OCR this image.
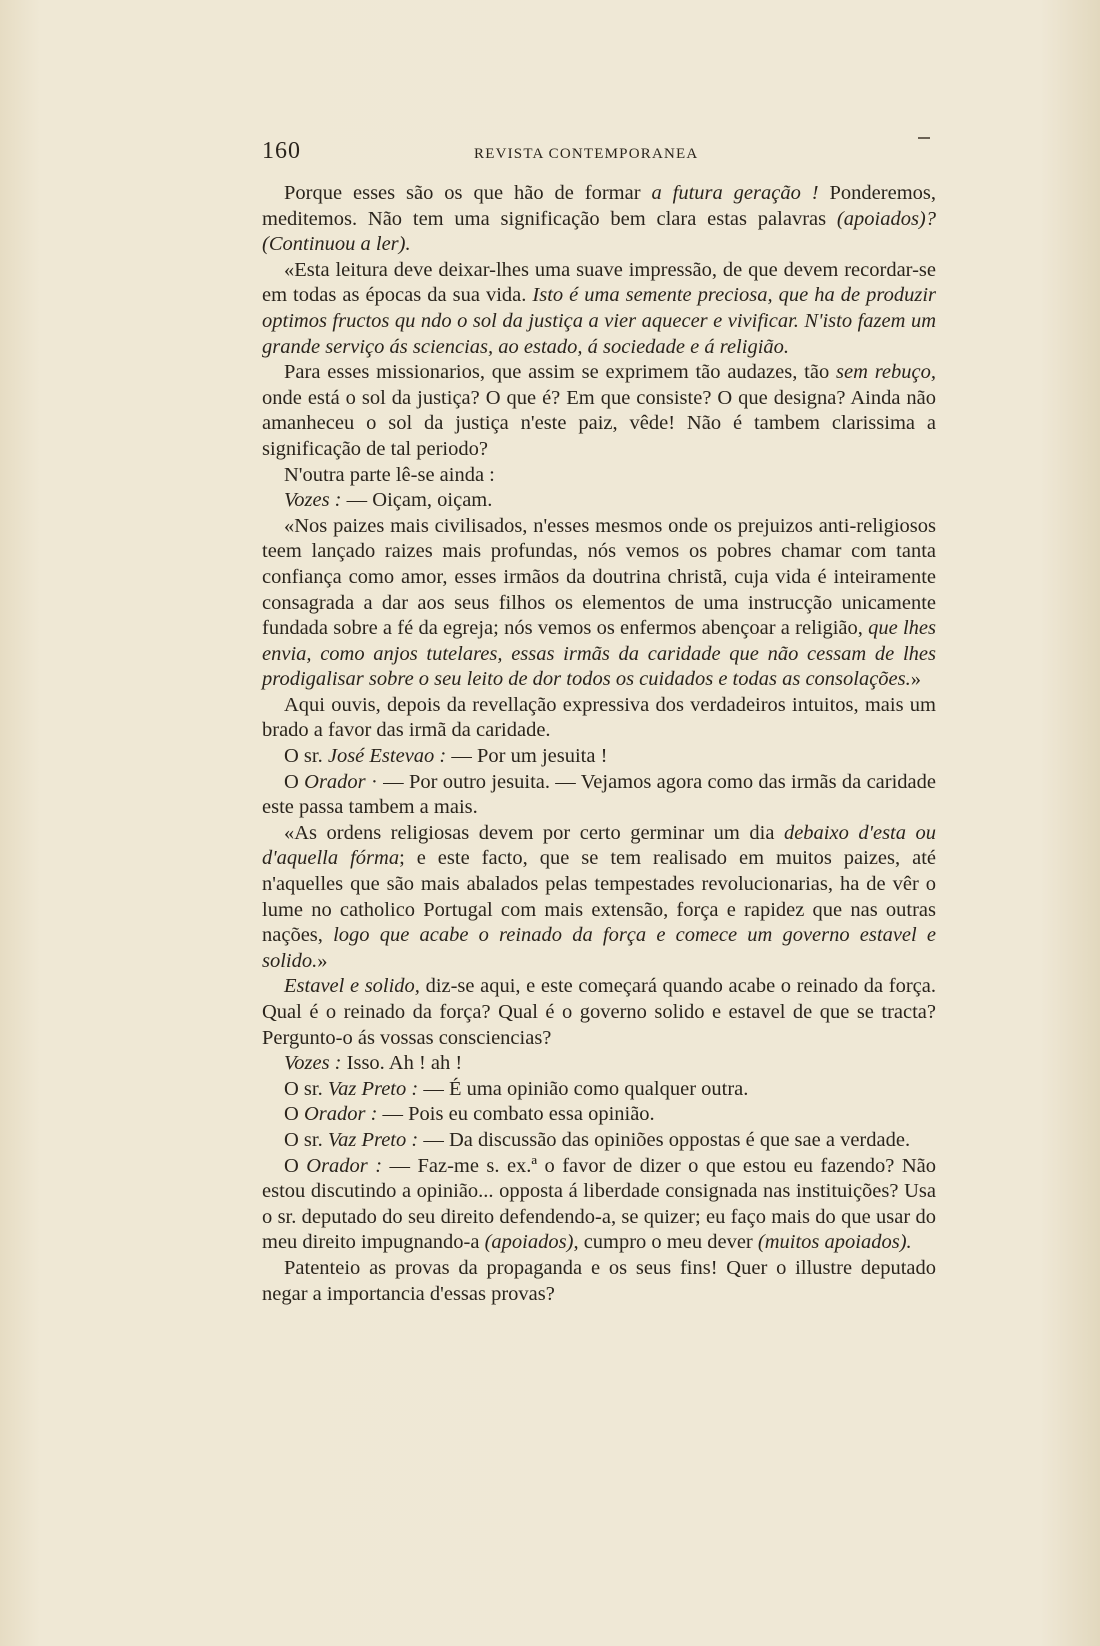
160	REVISTA CONTEMPORANEA

Porque esses são os que hão de formar a futura geração ! Ponderemos, meditemos. Não tem uma significação bem clara estas palavras (apoiados)? (Continuou a ler).

«Esta leitura deve deixar-lhes uma suave impressão, de que devem recordar-se em todas as épocas da sua vida. Isto é uma semente preciosa, que ha de produzir optimos fructos qu ndo o sol da justiça a vier aquecer e vivificar. N'isto fazem um grande serviço ás sciencias, ao estado, á sociedade e á religião.

Para esses missionarios, que assim se exprimem tão audazes, tão sem rebuço, onde está o sol da justiça? O que é? Em que consiste? O que designa? Ainda não amanheceu o sol da justiça n'este paiz, vêde! Não é tambem clarissima a significação de tal periodo?

N'outra parte lê-se ainda :

Vozes : — Oiçam, oiçam.

«Nos paizes mais civilisados, n'esses mesmos onde os prejuizos anti-religiosos teem lançado raizes mais profundas, nós vemos os pobres chamar com tanta confiança como amor, esses irmãos da doutrina christã, cuja vida é inteiramente consagrada a dar aos seus filhos os elementos de uma instrucção unicamente fundada sobre a fé da egreja; nós vemos os enfermos abençoar a religião, que lhes envia, como anjos tutelares, essas irmãs da caridade que não cessam de lhes prodigalisar sobre o seu leito de dor todos os cuidados e todas as consolações.»

Aqui ouvis, depois da revellação expressiva dos verdadeiros intuitos, mais um brado a favor das irmã da caridade.

O sr. José Estevao : — Por um jesuita !

O Orador · — Por outro jesuita. — Vejamos agora como das irmãs da caridade este passa tambem a mais.

«As ordens religiosas devem por certo germinar um dia debaixo d'esta ou d'aquella fórma; e este facto, que se tem realisado em muitos paizes, até n'aquelles que são mais abalados pelas tempestades revolucionarias, ha de vêr o lume no catholico Portugal com mais extensão, força e rapidez que nas outras nações, logo que acabe o reinado da força e comece um governo estavel e solido.»

Estavel e solido, diz-se aqui, e este começará quando acabe o reinado da força. Qual é o reinado da força? Qual é o governo solido e estavel de que se tracta? Pergunto-o ás vossas consciencias?

Vozes : Isso. Ah ! ah !

O sr. Vaz Preto : — É uma opinião como qualquer outra.

O Orador : — Pois eu combato essa opinião.

O sr. Vaz Preto : — Da discussão das opiniões oppostas é que sae a verdade.

O Orador : — Faz-me s. ex.ª o favor de dizer o que estou eu fazendo? Não estou discutindo a opinião... opposta á liberdade consignada nas instituições? Usa o sr. deputado do seu direito defendendo-a, se quizer; eu faço mais do que usar do meu direito impugnando-a (apoiados), cumpro o meu dever (muitos apoiados).

Patenteio as provas da propaganda e os seus fins! Quer o illustre deputado negar a importancia d'essas provas?
